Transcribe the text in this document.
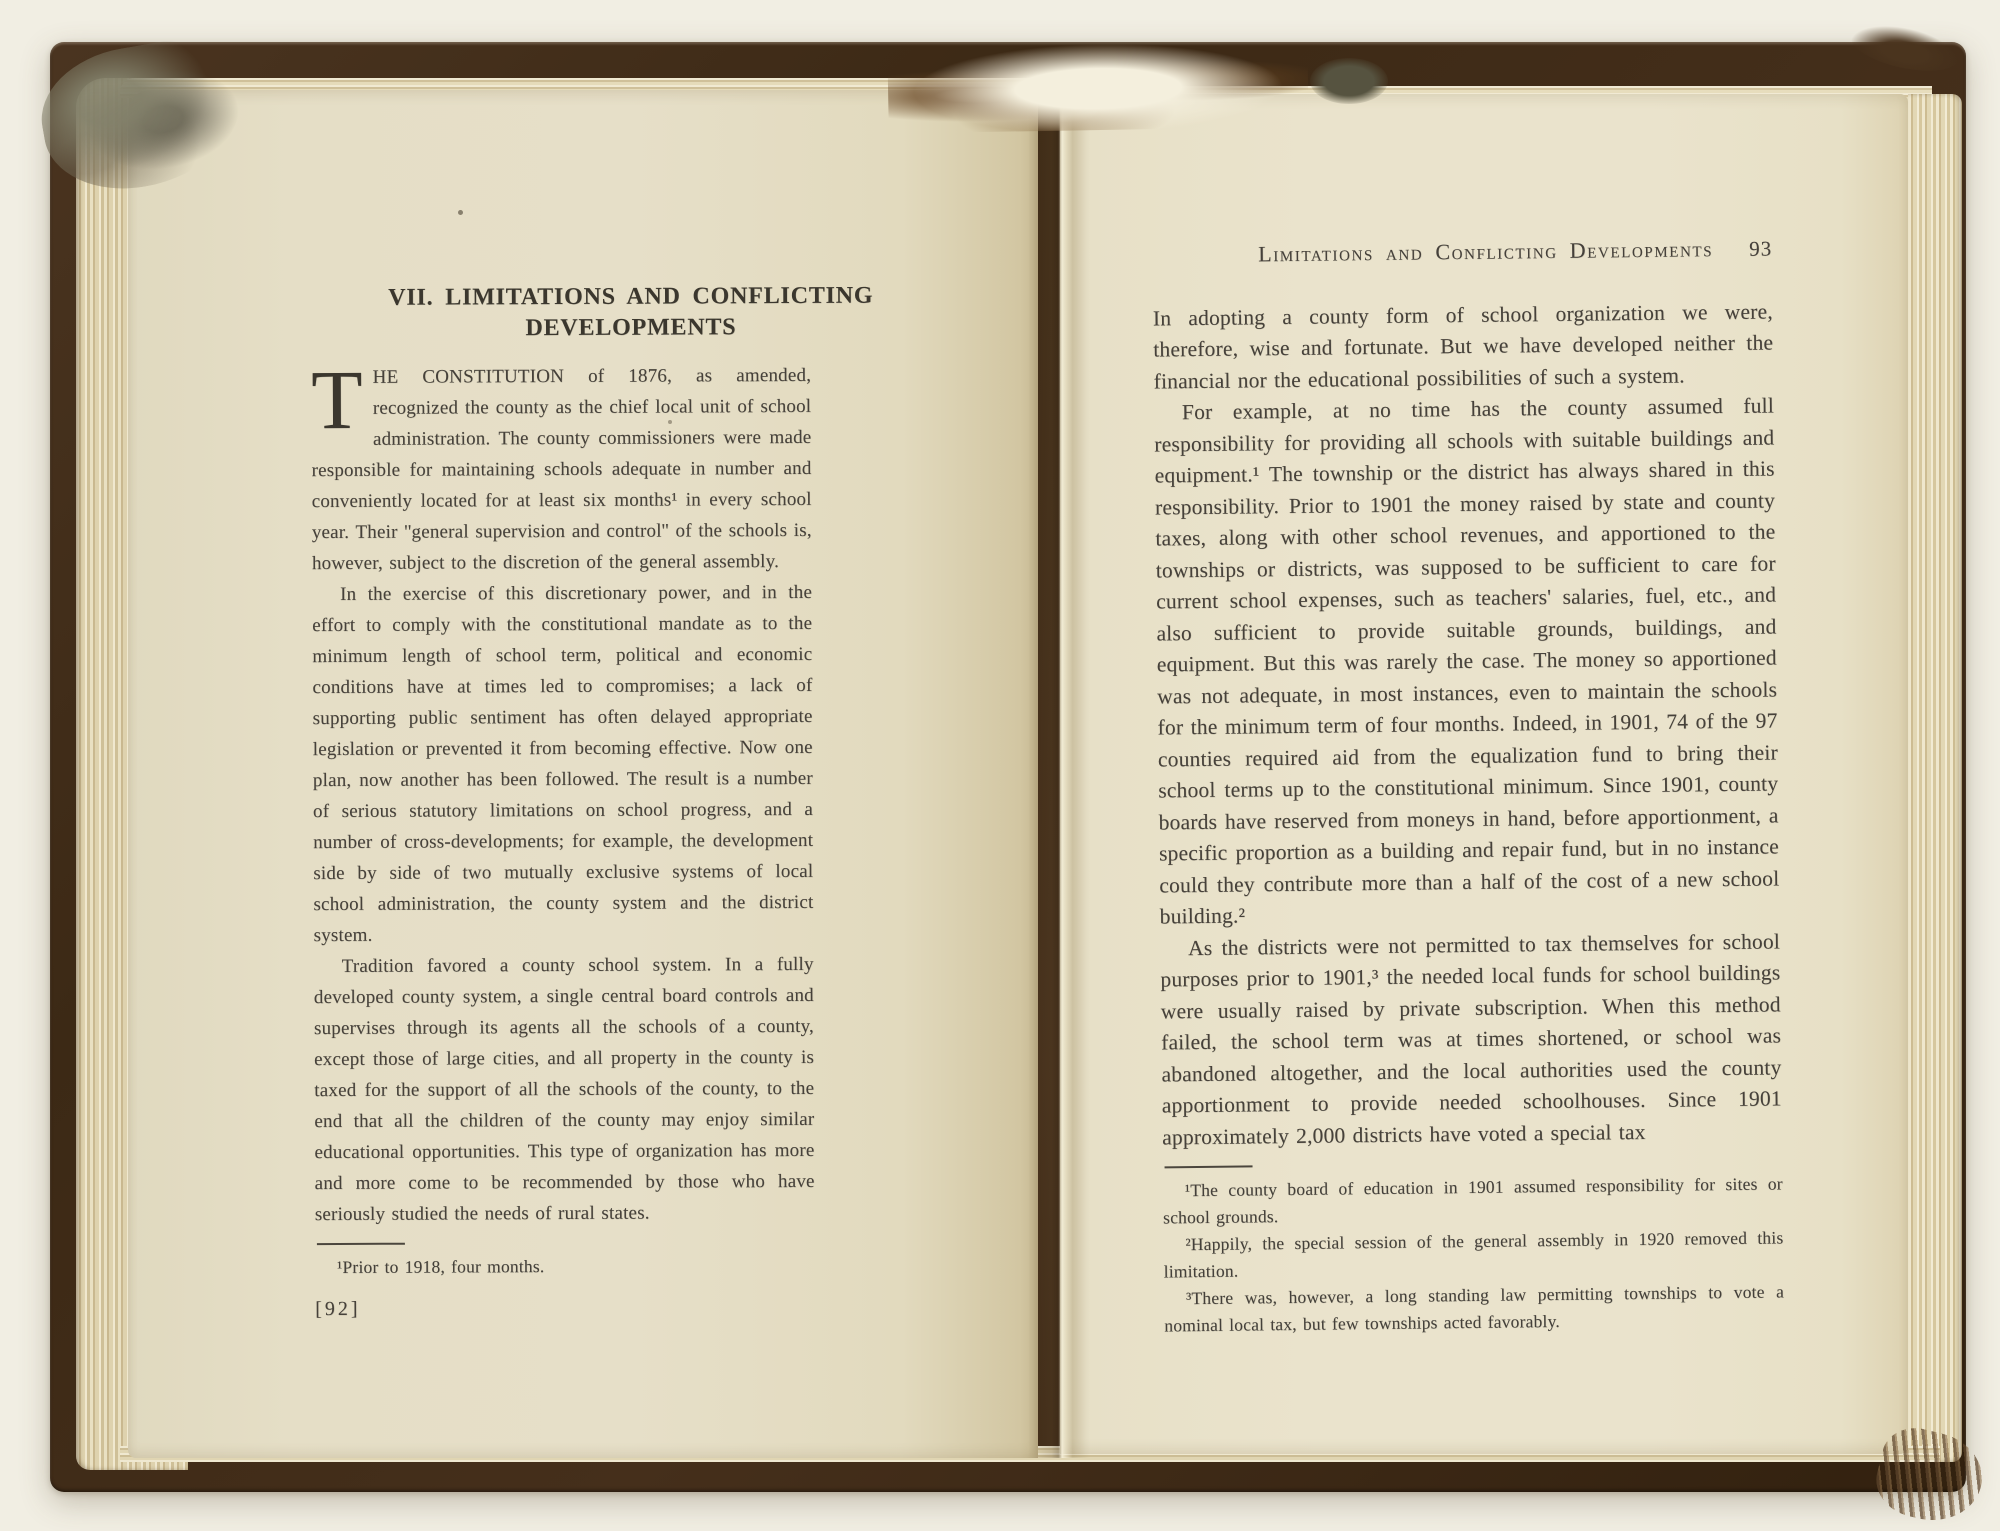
VII. LIMITATIONS AND CONFLICTING
DEVELOPMENTS

THE CONSTITUTION of 1876, as amended, recognized the county as the chief local unit of school administration. The county commissioners were made responsible for maintaining schools adequate in number and conveniently located for at least six months¹ in every school year. Their ''general supervision and control'' of the schools is, however, subject to the discretion of the general assembly.

In the exercise of this discretionary power, and in the effort to comply with the constitutional mandate as to the minimum length of school term, political and economic conditions have at times led to compromises; a lack of supporting public sentiment has often delayed appropriate legislation or prevented it from becoming effective. Now one plan, now another has been followed. The result is a number of serious statutory limitations on school progress, and a number of cross-developments; for example, the development side by side of two mutually exclusive systems of local school administration, the county system and the district system.

Tradition favored a county school system. In a fully developed county system, a single central board controls and supervises through its agents all the schools of a county, except those of large cities, and all property in the county is taxed for the support of all the schools of the county, to the end that all the children of the county may enjoy similar educational opportunities. This type of organization has more and more come to be recommended by those who have seriously studied the needs of rural states.

¹Prior to 1918, four months.

[92]
Limitations and Conflicting Developments	93

In adopting a county form of school organization we were, therefore, wise and fortunate. But we have developed neither the financial nor the educational possibilities of such a system.

For example, at no time has the county assumed full responsibility for providing all schools with suitable buildings and equipment.¹ The township or the district has always shared in this responsibility. Prior to 1901 the money raised by state and county taxes, along with other school revenues, and apportioned to the townships or districts, was supposed to be sufficient to care for current school expenses, such as teachers' salaries, fuel, etc., and also sufficient to provide suitable grounds, buildings, and equipment. But this was rarely the case. The money so apportioned was not adequate, in most instances, even to maintain the schools for the minimum term of four months. Indeed, in 1901, 74 of the 97 counties required aid from the equalization fund to bring their school terms up to the constitutional minimum. Since 1901, county boards have reserved from moneys in hand, before apportionment, a specific proportion as a building and repair fund, but in no instance could they contribute more than a half of the cost of a new school building.²

As the districts were not permitted to tax themselves for school purposes prior to 1901,³ the needed local funds for school buildings were usually raised by private subscription. When this method failed, the school term was at times shortened, or school was abandoned altogether, and the local authorities used the county apportionment to provide needed schoolhouses. Since 1901 approximately 2,000 districts have voted a special tax

¹The county board of education in 1901 assumed responsibility for sites or school grounds.

²Happily, the special session of the general assembly in 1920 removed this limitation.

³There was, however, a long standing law permitting townships to vote a nominal local tax, but few townships acted favorably.
